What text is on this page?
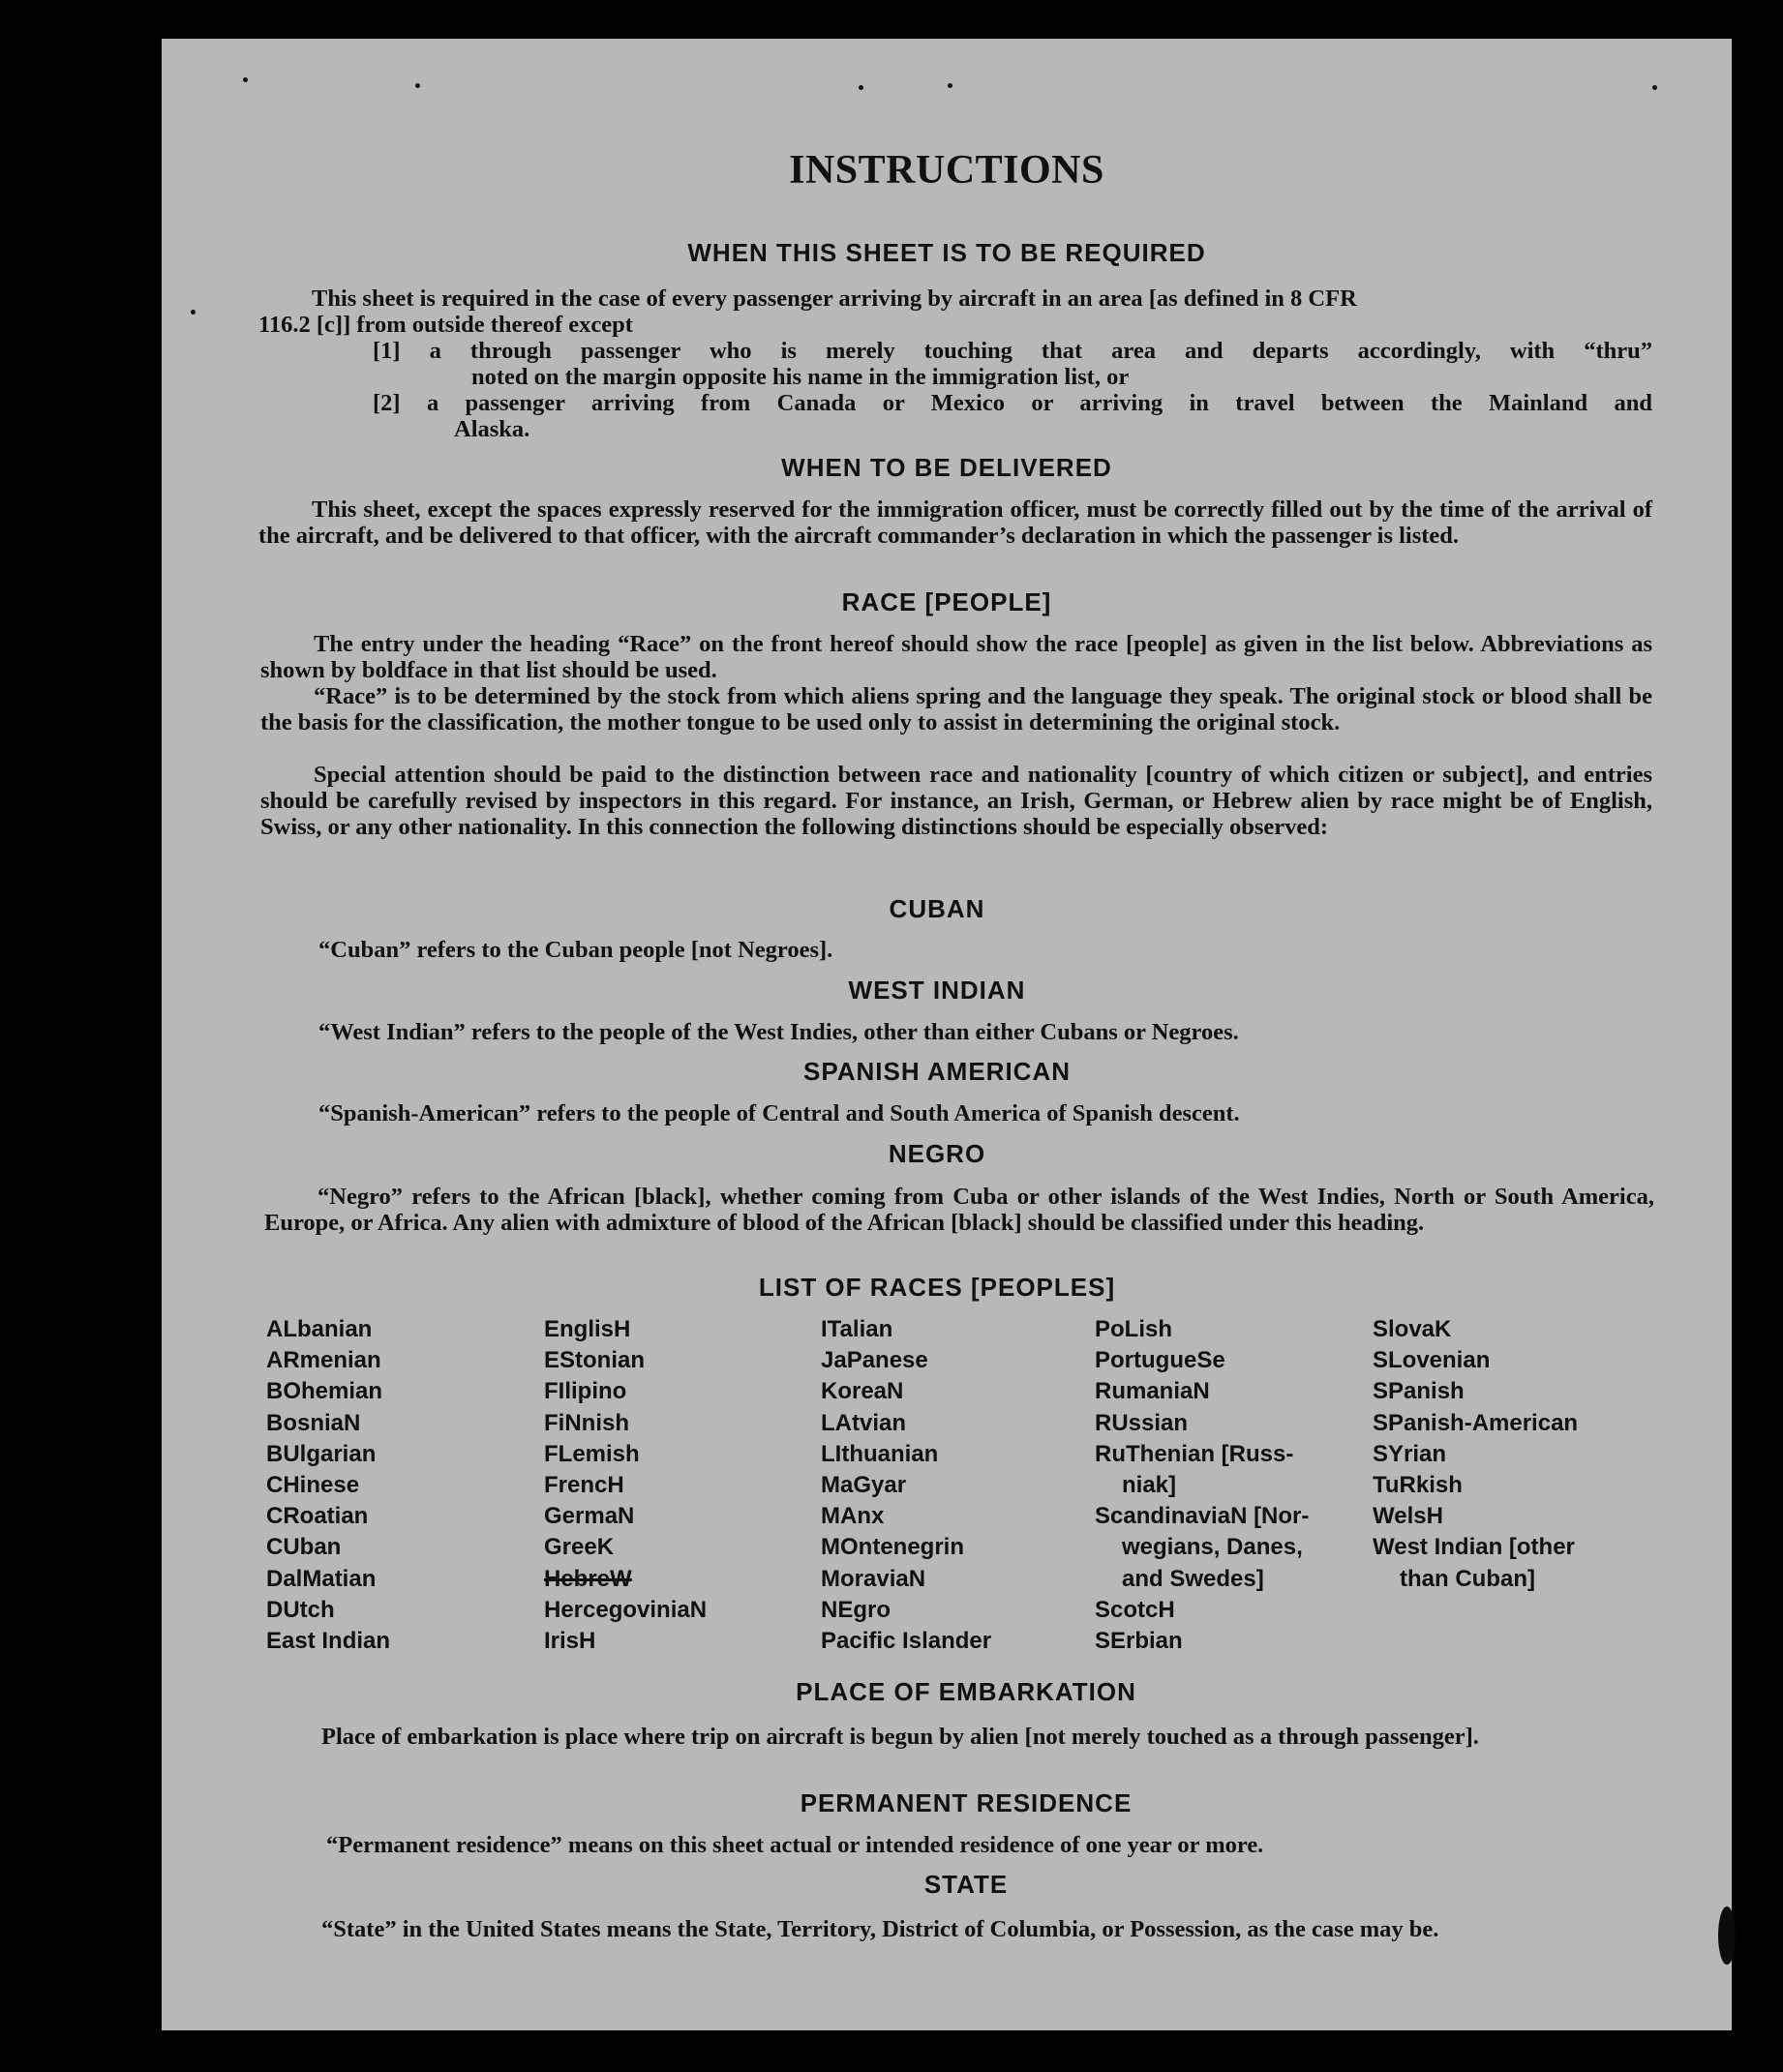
INSTRUCTIONS
WHEN THIS SHEET IS TO BE REQUIRED
This sheet is required in the case of every passenger arriving by aircraft in an area [as defined in 8 CFR
116.2 [c]] from outside thereof except
[1] a through passenger who is merely touching that area and departs accordingly, with “thru”
noted on the margin opposite his name in the immigration list, or
[2] a passenger arriving from Canada or Mexico or arriving in travel between the Mainland and
Alaska.
WHEN TO BE DELIVERED
This sheet, except the spaces expressly reserved for the immigration officer, must be correctly filled out by the time of the arrival of the aircraft, and be delivered to that officer, with the aircraft commander’s declaration in which the passenger is listed.
RACE [PEOPLE]
The entry under the heading “Race” on the front hereof should show the race [people] as given in the list below. Abbreviations as shown by boldface in that list should be used.
“Race” is to be determined by the stock from which aliens spring and the language they speak. The original stock or blood shall be the basis for the classification, the mother tongue to be used only to assist in determining the original stock.
Special attention should be paid to the distinction between race and nationality [country of which citizen or subject], and entries should be carefully revised by inspectors in this regard. For instance, an Irish, German, or Hebrew alien by race might be of English, Swiss, or any other nationality. In this connection the following distinctions should be especially observed:
CUBAN
“Cuban” refers to the Cuban people [not Negroes].
WEST INDIAN
“West Indian” refers to the people of the West Indies, other than either Cubans or Negroes.
SPANISH AMERICAN
“Spanish-American” refers to the people of Central and South America of Spanish descent.
NEGRO
“Negro” refers to the African [black], whether coming from Cuba or other islands of the West Indies, North or South America, Europe, or Africa. Any alien with admixture of blood of the African [black] should be classified under this heading.
LIST OF RACES [PEOPLES]
ALbanian
ARmenian
BOhemian
BosniaN
BUlgarian
CHinese
CRoatian
CUban
DalMatian
DUtch
East Indian
EnglisH
EStonian
FIlipino
FiNnish
FLemish
FrencH
GermaN
GreeK
HebreW
HercegoviniaN
IrisH
ITalian
JaPanese
KoreaN
LAtvian
LIthuanian
MaGyar
MAnx
MOntenegrin
MoraviaN
NEgro
Pacific Islander
PoLish
PortugueSe
RumaniaN
RUssian
RuThenian [Russ-
niak]
ScandinaviaN [Nor-
wegians, Danes,
and Swedes]
ScotcH
SErbian
SlovaK
SLovenian
SPanish
SPanish-American
SYrian
TuRkish
WelsH
West Indian [other
than Cuban]
PLACE OF EMBARKATION
Place of embarkation is place where trip on aircraft is begun by alien [not merely touched as a through passenger].
PERMANENT RESIDENCE
“Permanent residence” means on this sheet actual or intended residence of one year or more.
STATE
“State” in the United States means the State, Territory, District of Columbia, or Possession, as the case may be.
